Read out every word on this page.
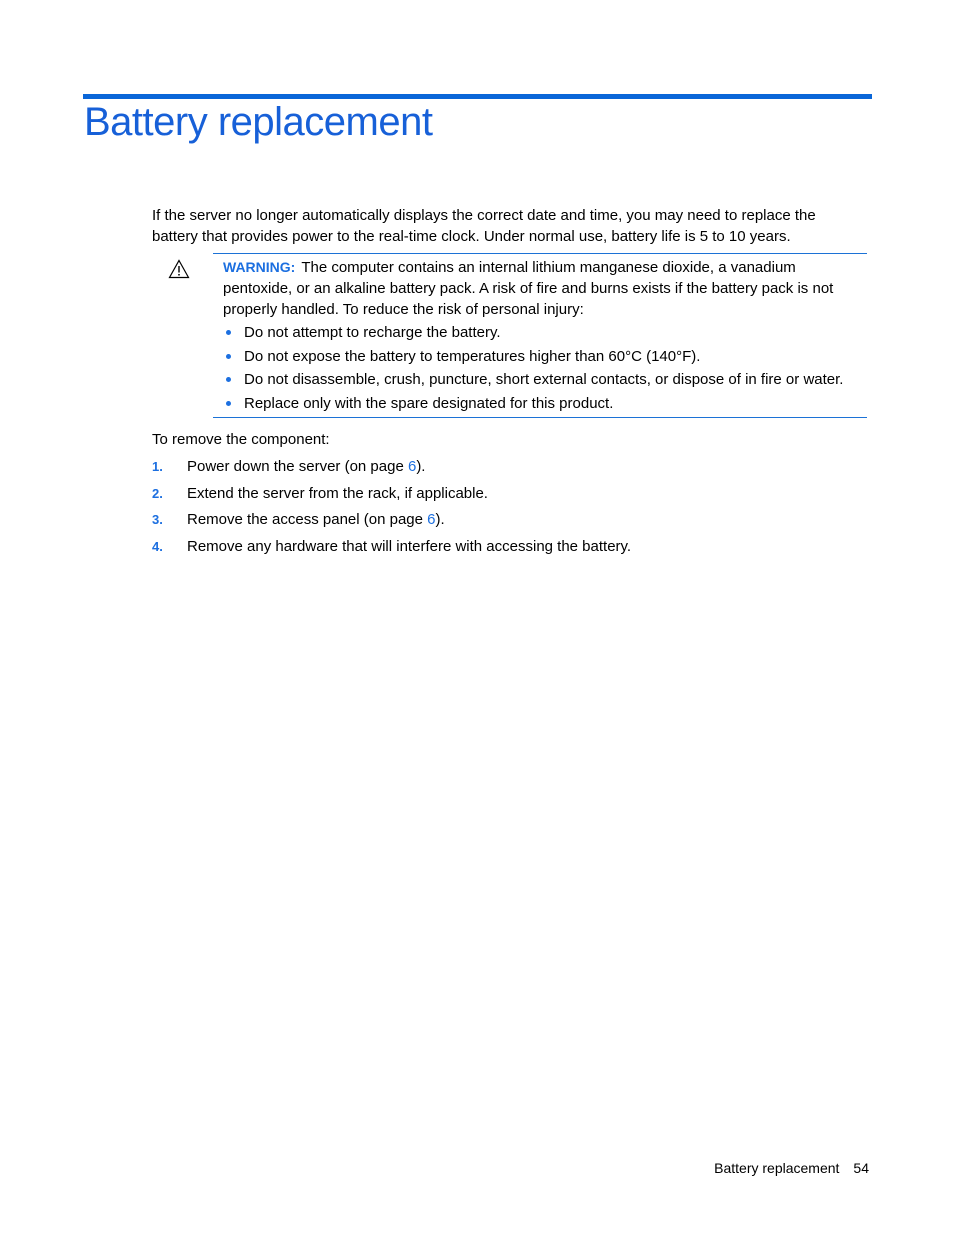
Battery replacement

If the server no longer automatically displays the correct date and time, you may need to replace the battery that provides power to the real-time clock. Under normal use, battery life is 5 to 10 years.

WARNING: The computer contains an internal lithium manganese dioxide, a vanadium pentoxide, or an alkaline battery pack. A risk of fire and burns exists if the battery pack is not properly handled. To reduce the risk of personal injury:

Do not attempt to recharge the battery.
Do not expose the battery to temperatures higher than 60°C (140°F).
Do not disassemble, crush, puncture, short external contacts, or dispose of in fire or water.
Replace only with the spare designated for this product.

To remove the component:

1. Power down the server (on page 6).
2. Extend the server from the rack, if applicable.
3. Remove the access panel (on page 6).
4. Remove any hardware that will interfere with accessing the battery.
Battery replacement 54
